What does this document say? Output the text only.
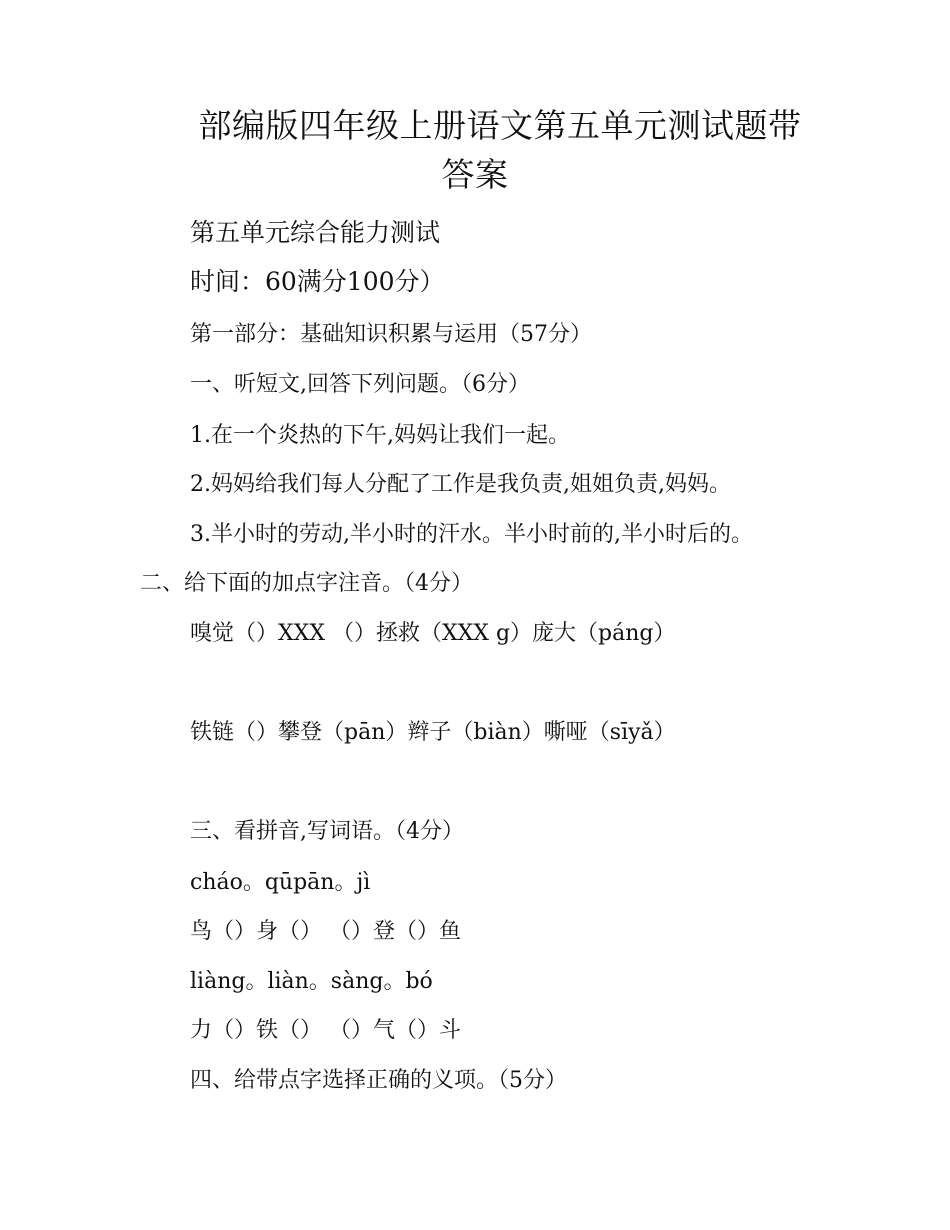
部编版四年级上册语文第五单元测试题带
答案
第五单元综合能力测试
时间：60满分100分）
第一部分：基础知识积累与运用（57分）
一、听短文,回答下列问题。（6分）
1.在一个炎热的下午,妈妈让我们一起。
2.妈妈给我们每人分配了工作是我负责,姐姐负责,妈妈。
3.半小时的劳动,半小时的汗水。半小时前的,半小时后的。
二、给下面的加点字注音。（4分）
嗅觉（）XXX （）拯救（XXX g）庞大（páng）
铁链（）攀登（pān）辫子（biàn）嘶哑（sīyǎ）
三、看拼音,写词语。（4分）
cháo。qūpān。jì
鸟（）身（） （）登（）鱼
liàng。liàn。sàng。bó
力（）铁（） （）气（）斗
四、给带点字选择正确的义项。（5分）
